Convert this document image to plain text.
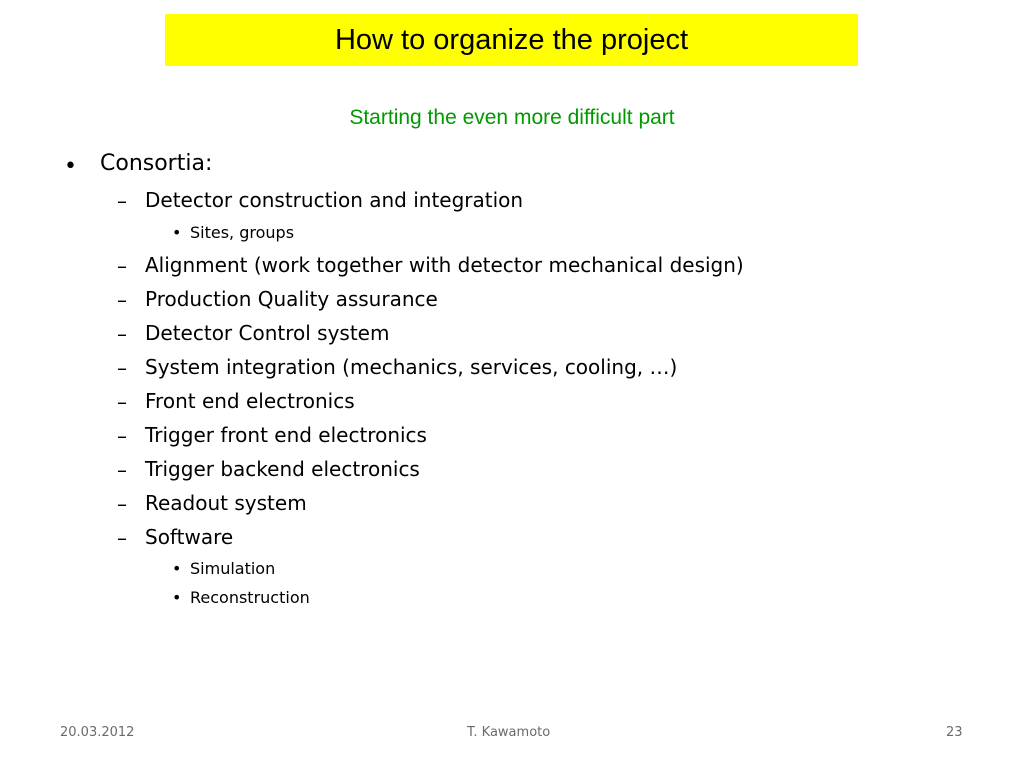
How to organize the project
Starting the even more difficult part
• Consortia:
– Detector construction and integration
• Sites, groups
– Alignment (work together with detector mechanical design)
– Production Quality assurance
– Detector Control system
– System integration (mechanics, services, cooling, …)
– Front end electronics
– Trigger front end electronics
– Trigger backend electronics
– Readout system
– Software
• Simulation
• Reconstruction
20.03.2012	T. Kawamoto	23
